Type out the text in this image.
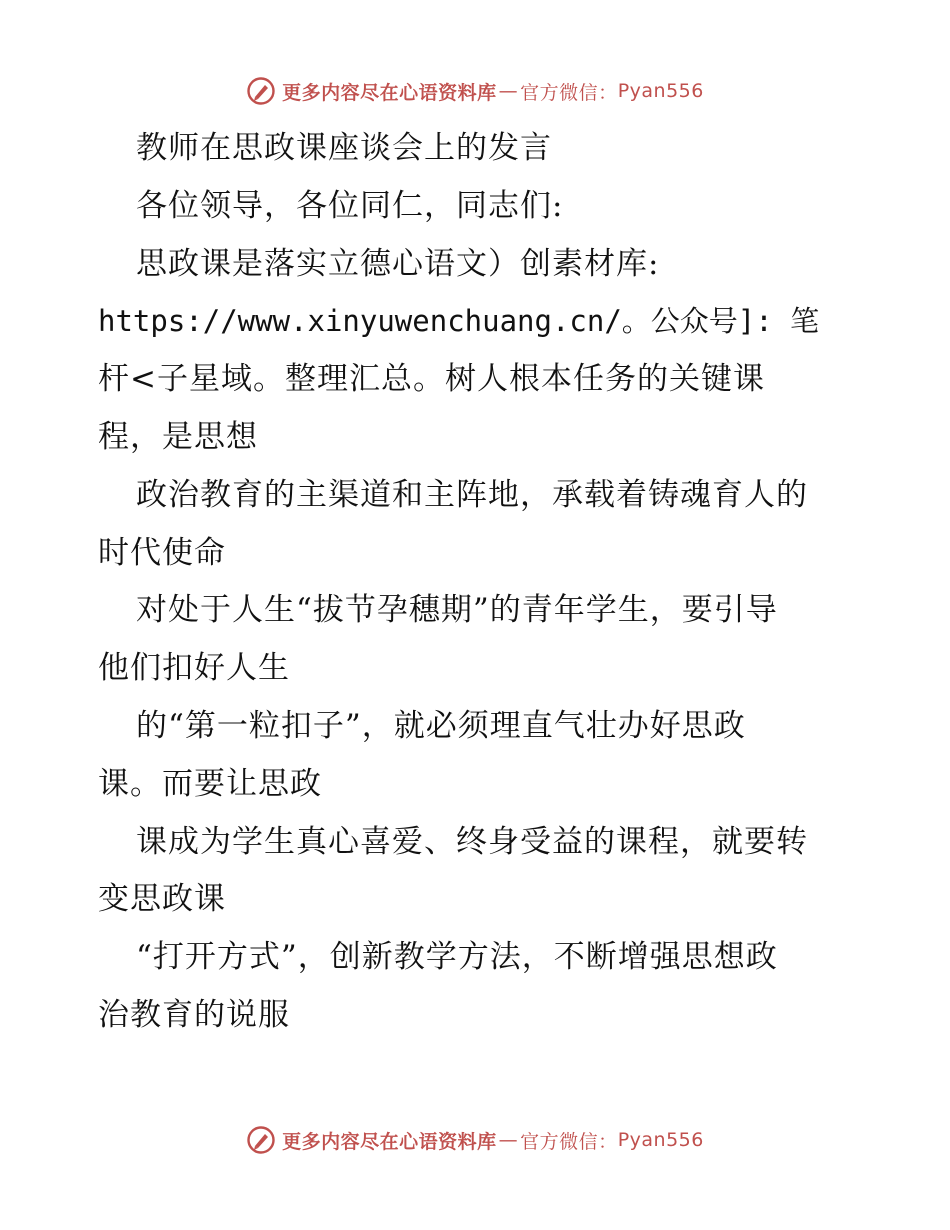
更多内容尽在心语资料库 — 官方微信： Pyan556
教师在思政课座谈会上的发言
各位领导，各位同仁，同志们:
思政课是落实立德心语文）创素材库:
https://www.xinyuwenchuang.cn/。公众号]: 笔
杆<子星域。整理汇总。树人根本任务的关键课
程，是思想
政治教育的主渠道和主阵地，承载着铸魂育人的
时代使命
对处于人生“拔节孕穗期”的青年学生，要引导
他们扣好人生
的“第一粒扣子”，就必须理直气壮办好思政
课。而要让思政
课成为学生真心喜爱、终身受益的课程，就要转
变思政课
“打开方式”，创新教学方法，不断增强思想政
治教育的说服
更多内容尽在心语资料库 — 官方微信： Pyan556
